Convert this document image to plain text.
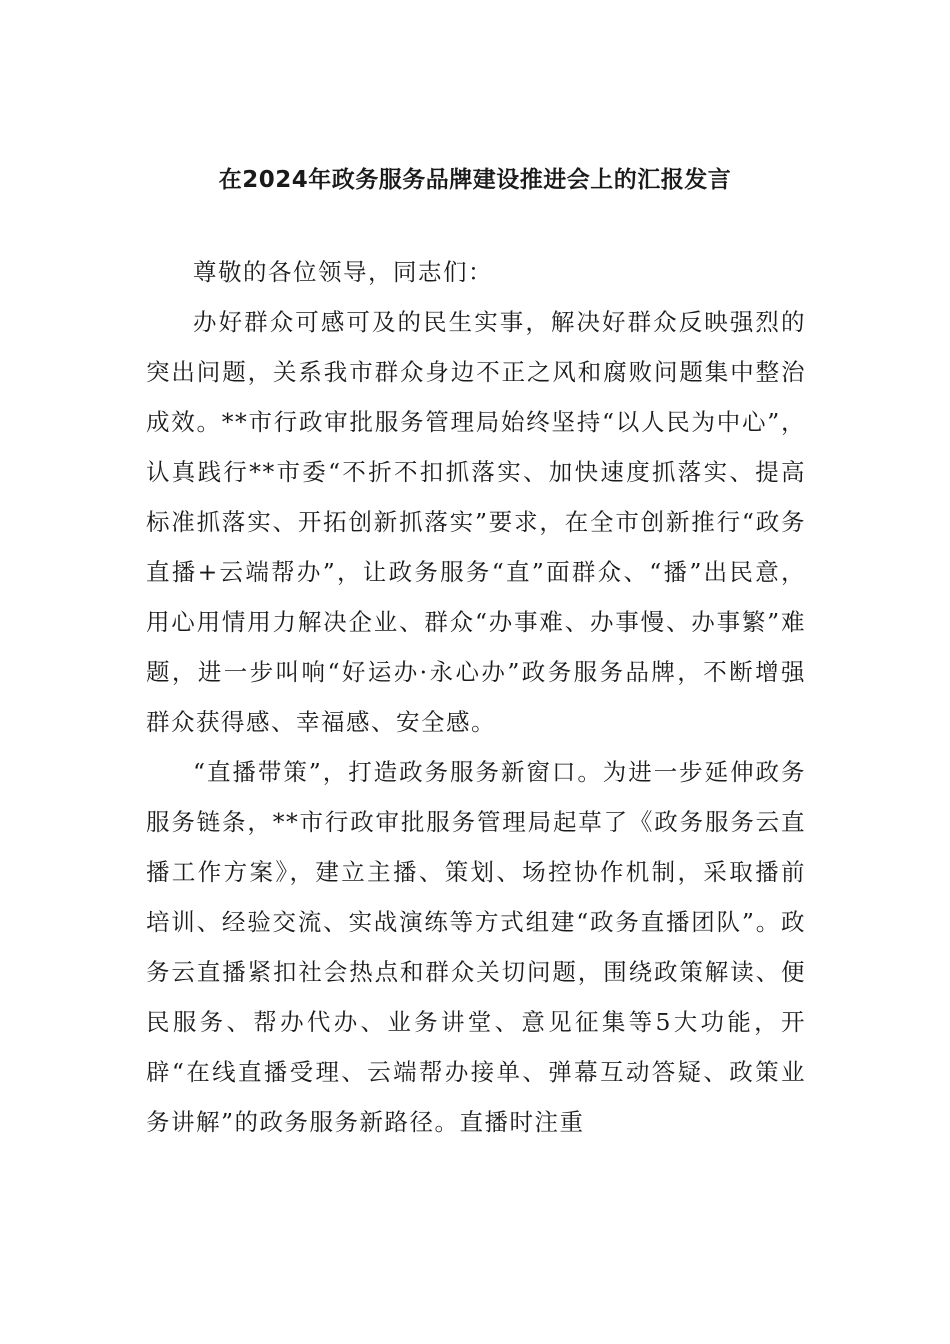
在2024年政务服务品牌建设推进会上的汇报发言

尊敬的各位领导，同志们：

办好群众可感可及的民生实事，解决好群众反映强烈的突出问题，关系我市群众身边不正之风和腐败问题集中整治成效。**市行政审批服务管理局始终坚持“以人民为中心”，认真践行**市委“不折不扣抓落实、加快速度抓落实、提高标准抓落实、开拓创新抓落实”要求，在全市创新推行“政务直播+云端帮办”，让政务服务“直”面群众、“播”出民意，用心用情用力解决企业、群众“办事难、办事慢、办事繁”难题，进一步叫响“好运办·永心办”政务服务品牌，不断增强群众获得感、幸福感、安全感。

“直播带策”，打造政务服务新窗口。为进一步延伸政务服务链条，**市行政审批服务管理局起草了《政务服务云直播工作方案》，建立主播、策划、场控协作机制，采取播前培训、经验交流、实战演练等方式组建“政务直播团队”。政务云直播紧扣社会热点和群众关切问题，围绕政策解读、便民服务、帮办代办、业务讲堂、意见征集等5大功能，开辟“在线直播受理、云端帮办接单、弹幕互动答疑、政策业务讲解”的政务服务新路径。直播时注重
